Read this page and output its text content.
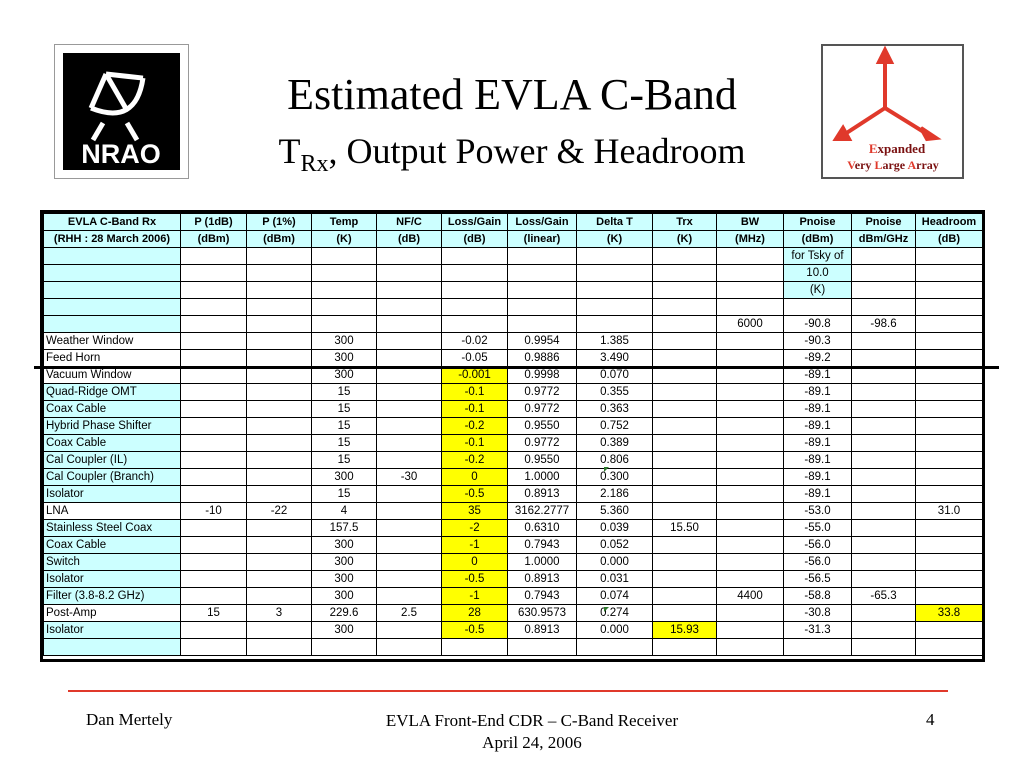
NRAO	Expanded
Very Large Array
Estimated EVLA C-Band
$T_{Rx}$, Output Power & Headroom
EVLA C-Band Rx	P (1dB)	P (1%)	Temp	NF/C	Loss/Gain	Loss/Gain	Delta T	Trx	BW	Pnoise	Pnoise	Headroom
(RHH : 28 March 2006)	(dBm)	(dBm)	(K)	(dB)	(dB)	(linear)	(K)	(K)	(MHz)	(dBm)	dBm/GHz	(dB)
										for Tsky of		
										10.0		
										(K)		

									6000	-90.8	-98.6	
Weather Window			300		-0.02	0.9954	1.385			-90.3		
Feed Horn			300		-0.05	0.9886	3.490			-89.2		
Vacuum Window			300		-0.001	0.9998	0.070			-89.1		
Quad-Ridge OMT			15		-0.1	0.9772	0.355			-89.1		
Coax Cable			15		-0.1	0.9772	0.363			-89.1		
Hybrid Phase Shifter			15		-0.2	0.9550	0.752			-89.1		
Coax Cable			15		-0.1	0.9772	0.389			-89.1		
Cal Coupler (IL)			15		-0.2	0.9550	0.806			-89.1		
Cal Coupler (Branch)			300	-30	0	1.0000	0.300			-89.1		
Isolator			15		-0.5	0.8913	2.186			-89.1		
LNA	-10	-22	4		35	3162.2777	5.360			-53.0		31.0
Stainless Steel Coax			157.5		-2	0.6310	0.039	15.50		-55.0		
Coax Cable			300		-1	0.7943	0.052			-56.0		
Switch			300		0	1.0000	0.000			-56.0		
Isolator			300		-0.5	0.8913	0.031			-56.5		
Filter (3.8-8.2 GHz)			300		-1	0.7943	0.074		4400	-58.8	-65.3	
Post-Amp	15	3	229.6	2.5	28	630.9573	0.274			-30.8		33.8
Isolator			300		-0.5	0.8913	0.000	15.93		-31.3		

Dan Mertely	EVLA Front-End CDR – C-Band Receiver
April 24, 2006
4
